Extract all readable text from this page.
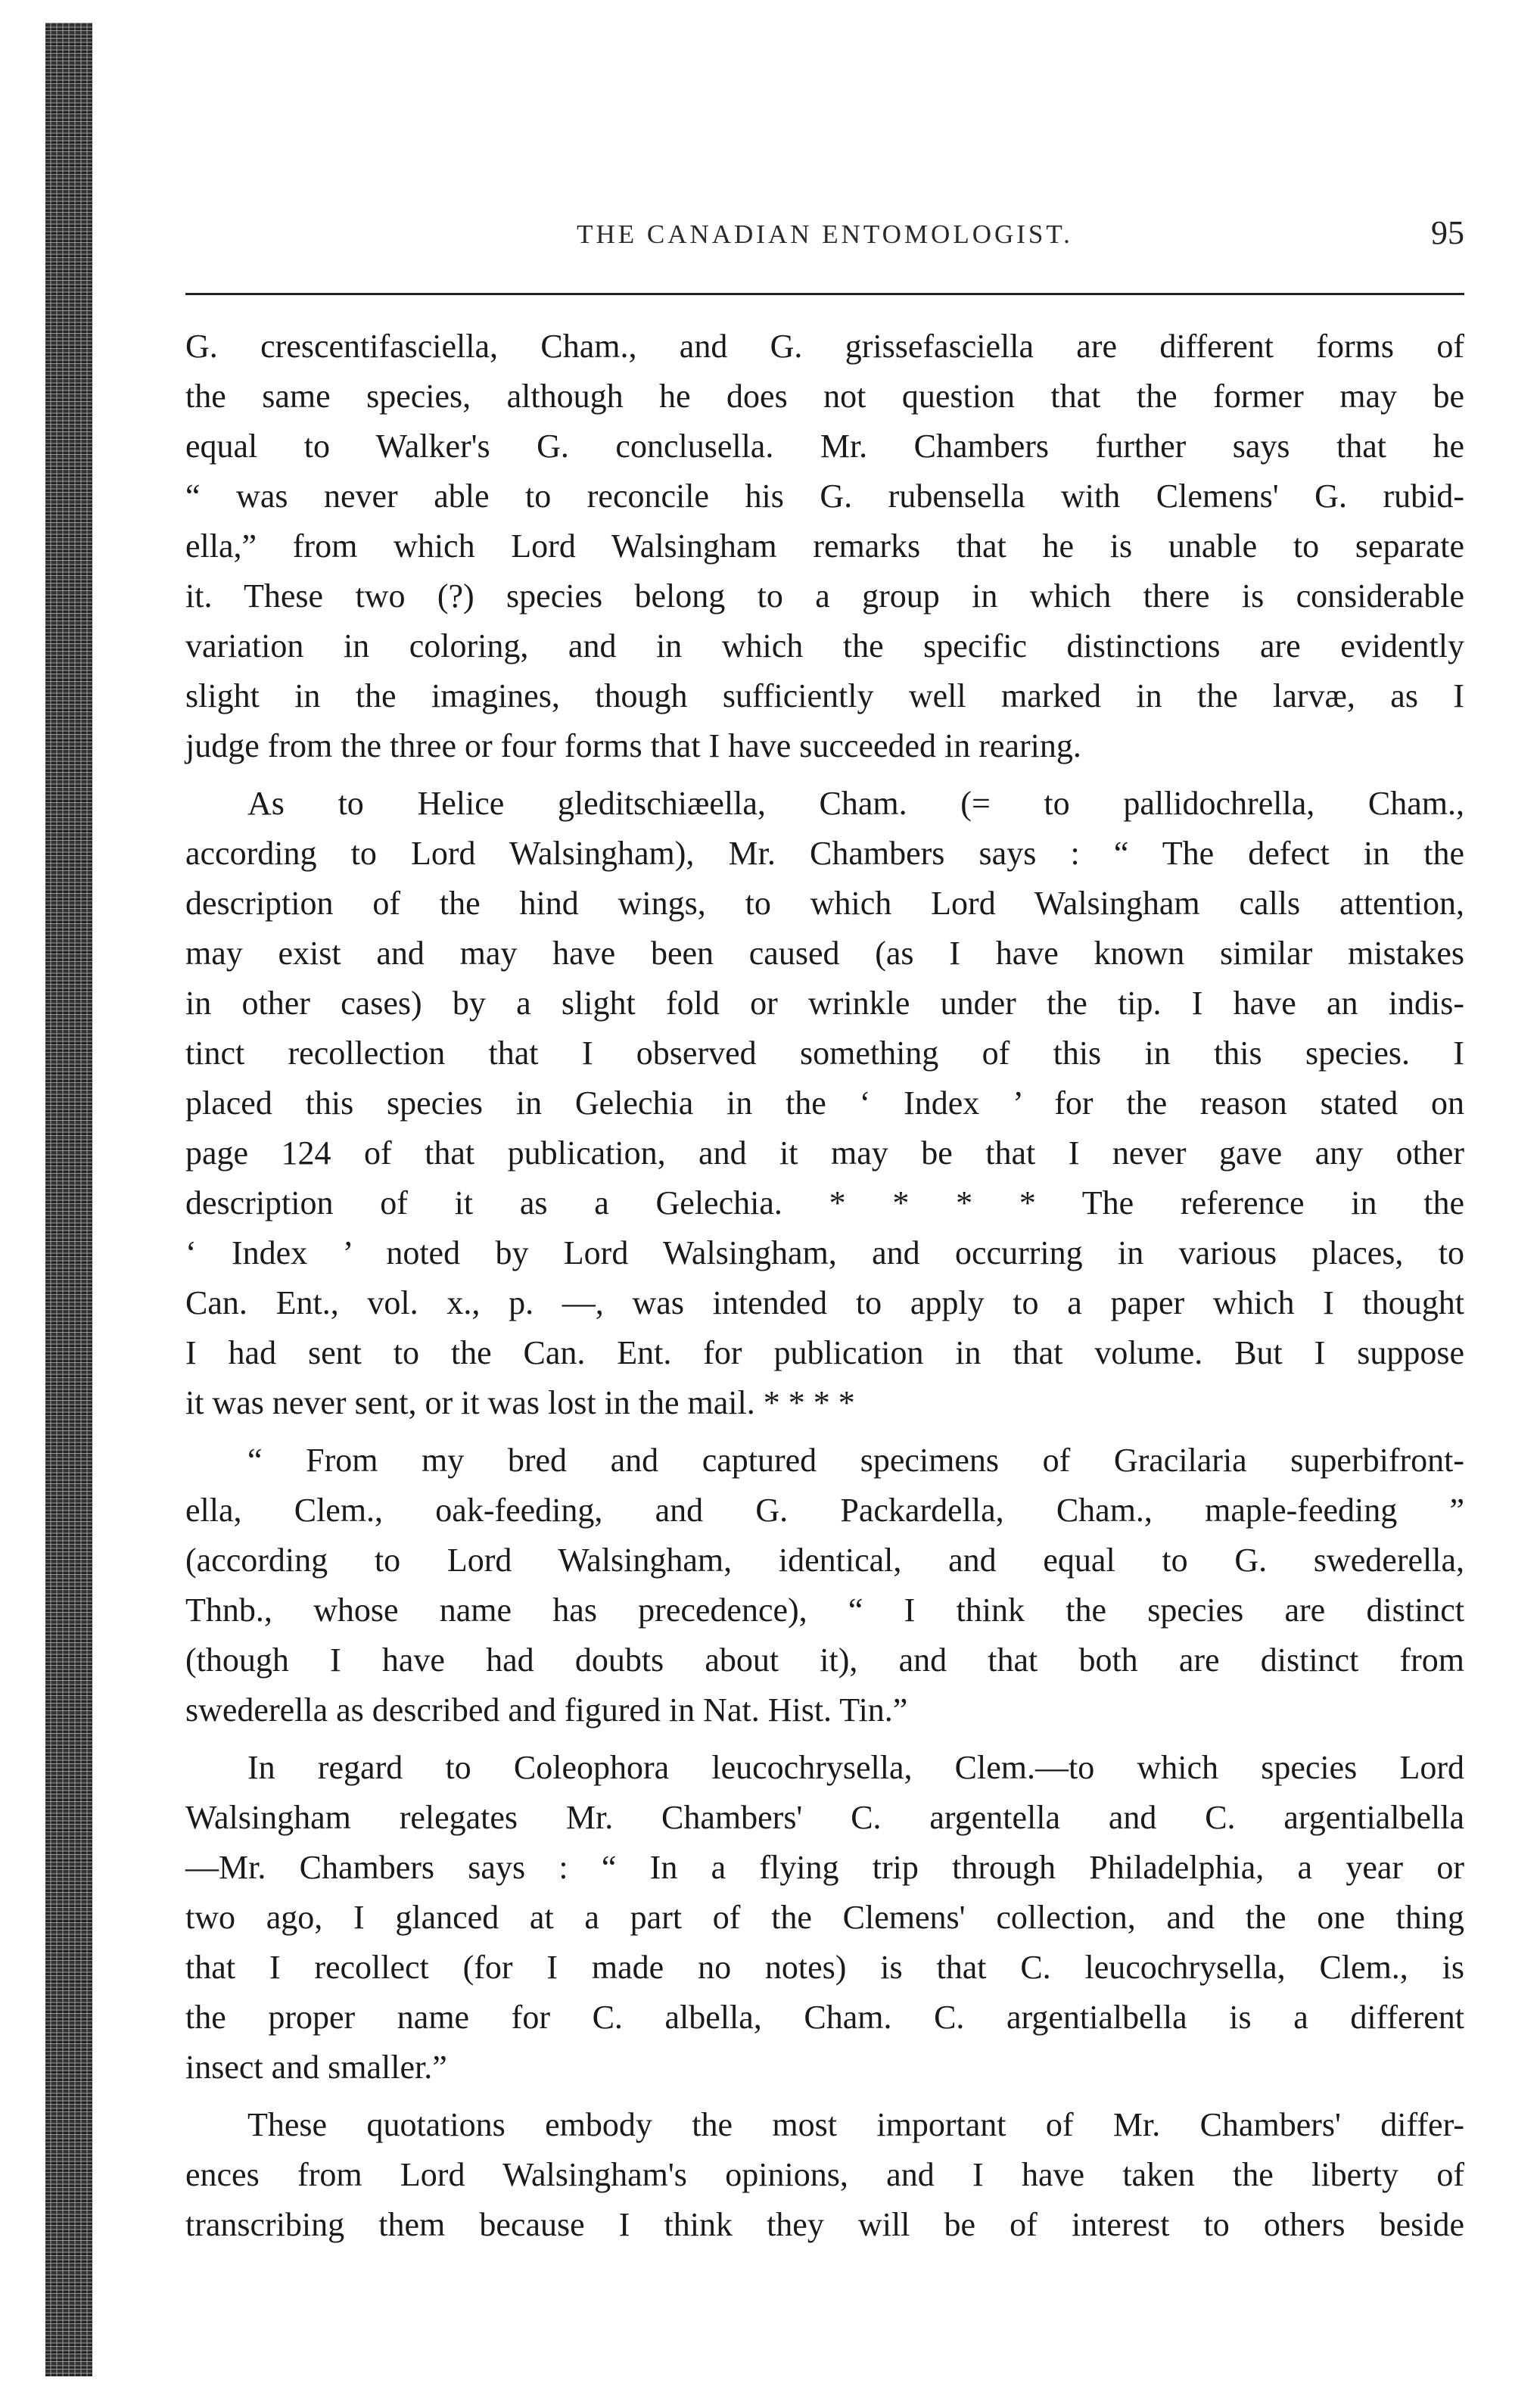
THE CANADIAN ENTOMOLOGIST.	95
G. crescentifasciella, Cham., and G. grissefasciella are different forms of
the same species, although he does not question that the former may be
equal to Walker's G. conclusella. Mr. Chambers further says that he
“ was never able to reconcile his G. rubensella with Clemens' G. rubid-
ella,” from which Lord Walsingham remarks that he is unable to separate
it. These two (?) species belong to a group in which there is considerable
variation in coloring, and in which the specific distinctions are evidently
slight in the imagines, though sufficiently well marked in the larvæ, as I
judge from the three or four forms that I have succeeded in rearing.
As to Helice gleditschiæella, Cham. (= to pallidochrella, Cham.,
according to Lord Walsingham), Mr. Chambers says : “ The defect in the
description of the hind wings, to which Lord Walsingham calls attention,
may exist and may have been caused (as I have known similar mistakes
in other cases) by a slight fold or wrinkle under the tip. I have an indis-
tinct recollection that I observed something of this in this species. I
placed this species in Gelechia in the ‘ Index ’ for the reason stated on
page 124 of that publication, and it may be that I never gave any other
description of it as a Gelechia. * * * * The reference in the
‘ Index ’ noted by Lord Walsingham, and occurring in various places, to
Can. Ent., vol. x., p. —, was intended to apply to a paper which I thought
I had sent to the Can. Ent. for publication in that volume. But I suppose
it was never sent, or it was lost in the mail. * * * *
“ From my bred and captured specimens of Gracilaria superbifront-
ella, Clem., oak-feeding, and G. Packardella, Cham., maple-feeding ”
(according to Lord Walsingham, identical, and equal to G. swederella,
Thnb., whose name has precedence), “ I think the species are distinct
(though I have had doubts about it), and that both are distinct from
swederella as described and figured in Nat. Hist. Tin.”
In regard to Coleophora leucochrysella, Clem.—to which species Lord
Walsingham relegates Mr. Chambers' C. argentella and C. argentialbella
—Mr. Chambers says : “ In a flying trip through Philadelphia, a year or
two ago, I glanced at a part of the Clemens' collection, and the one thing
that I recollect (for I made no notes) is that C. leucochrysella, Clem., is
the proper name for C. albella, Cham. C. argentialbella is a different
insect and smaller.”
These quotations embody the most important of Mr. Chambers' differ-
ences from Lord Walsingham's opinions, and I have taken the liberty of
transcribing them because I think they will be of interest to others beside
